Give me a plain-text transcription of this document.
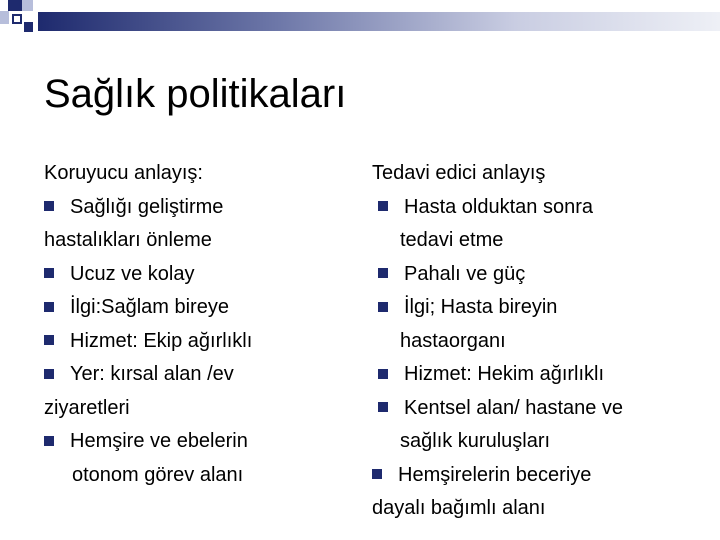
Sağlık politikaları
Koruyucu anlayış:
Sağlığı geliştirme
hastalıkları önleme
Ucuz ve kolay
İlgi:Sağlam bireye
Hizmet: Ekip ağırlıklı
Yer: kırsal alan /ev
ziyaretleri
Hemşire ve ebelerin
otonom görev alanı
Tedavi edici anlayış
Hasta olduktan sonra
tedavi etme
Pahalı ve güç
İlgi; Hasta bireyin
hastaorganı
Hizmet: Hekim ağırlıklı
Kentsel alan/ hastane ve
sağlık kuruluşları
Hemşirelerin beceriye
dayalı bağımlı alanı
